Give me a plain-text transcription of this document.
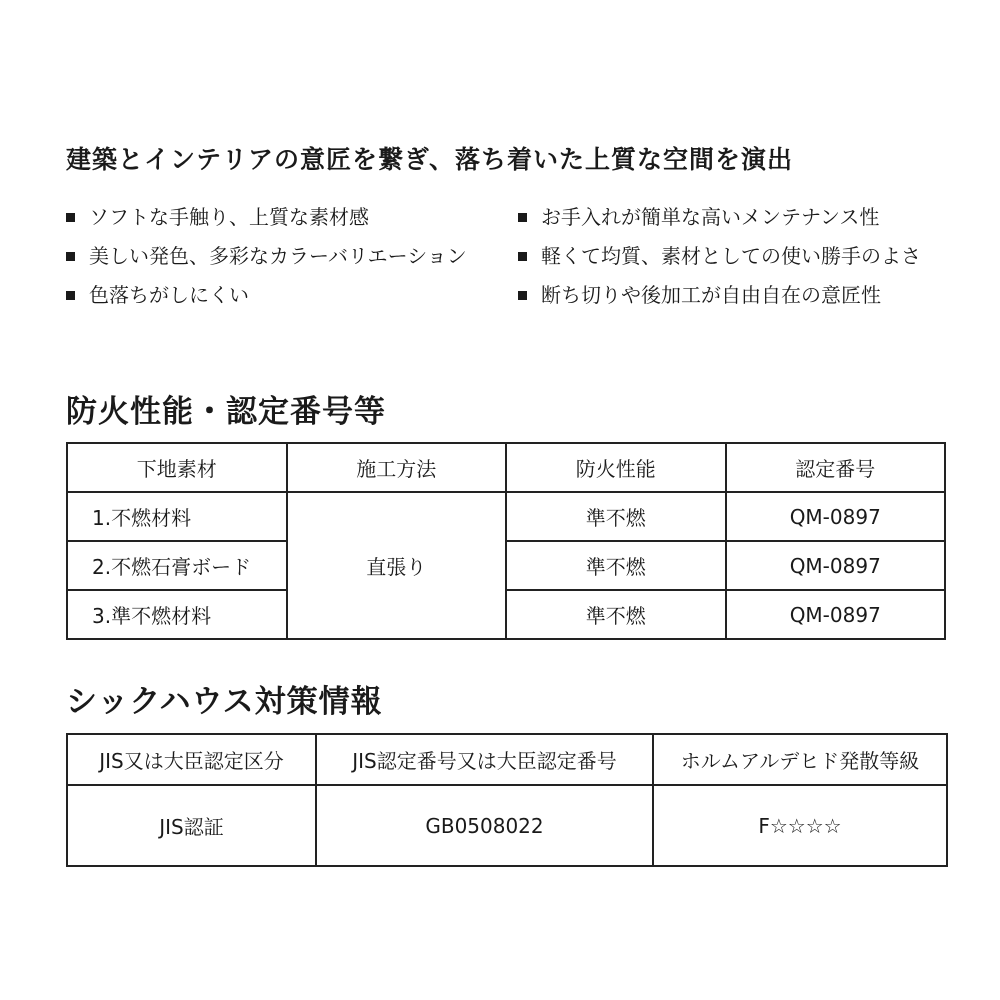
建築とインテリアの意匠を繋ぎ、落ち着いた上質な空間を演出
ソフトな手触り、上質な素材感
美しい発色、多彩なカラーバリエーション
色落ちがしにくい
お手入れが簡単な高いメンテナンス性
軽くて均質、素材としての使い勝手のよさ
断ち切りや後加工が自由自在の意匠性
防火性能・認定番号等
下地素材	施工方法	防火性能	認定番号
1.不燃材料	直張り	準不燃	QM-0897
2.不燃石膏ボード		準不燃	QM-0897
3.準不燃材料		準不燃	QM-0897
シックハウス対策情報
JIS又は大臣認定区分	JIS認定番号又は大臣認定番号	ホルムアルデヒド発散等級
JIS認証	GB0508022	F☆☆☆☆
